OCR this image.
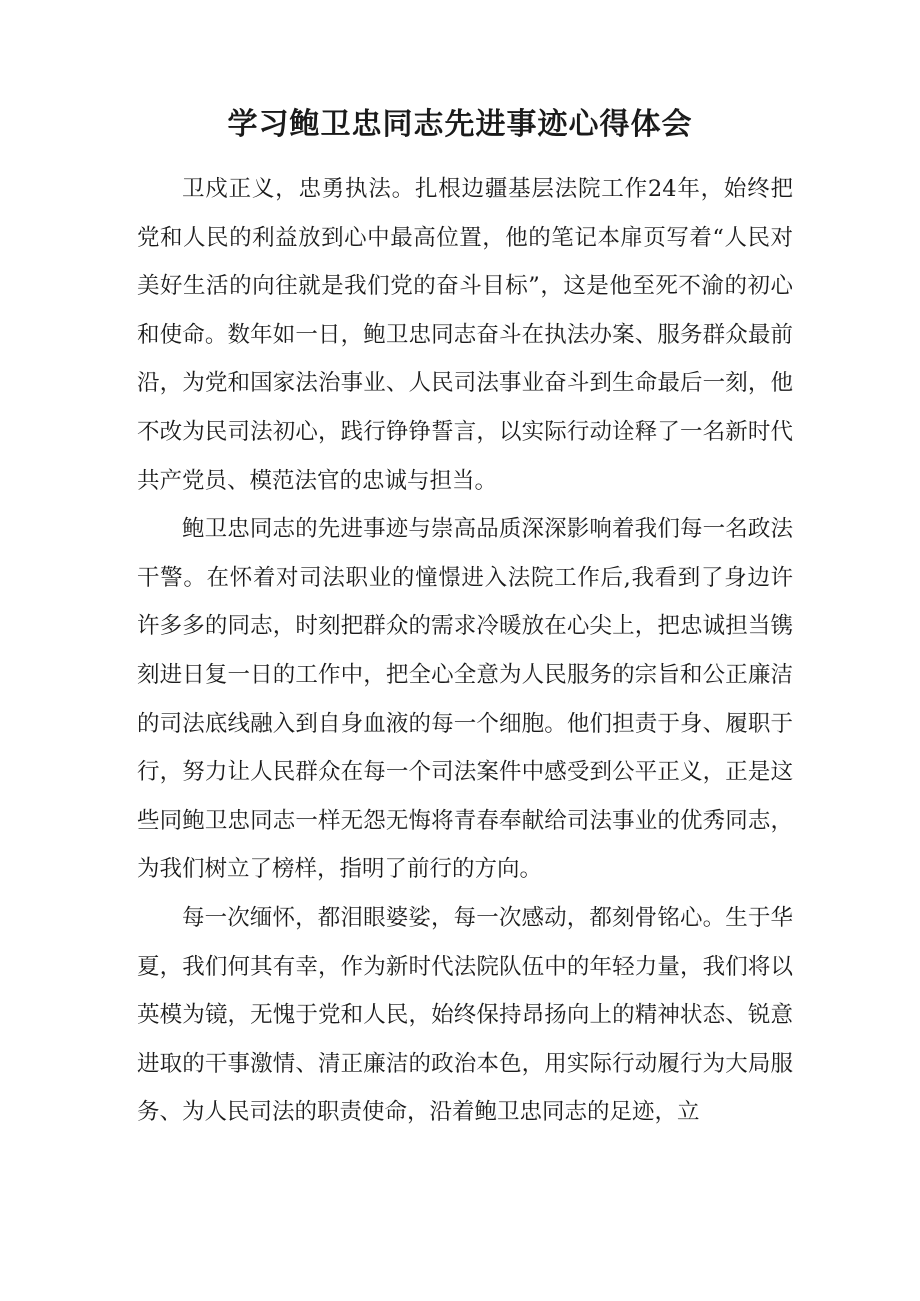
学习鲍卫忠同志先进事迹心得体会

卫戍正义，忠勇执法。扎根边疆基层法院工作24年，始终把党和人民的利益放到心中最高位置，他的笔记本扉页写着“人民对美好生活的向往就是我们党的奋斗目标”，这是他至死不渝的初心和使命。数年如一日，鲍卫忠同志奋斗在执法办案、服务群众最前沿，为党和国家法治事业、人民司法事业奋斗到生命最后一刻，他不改为民司法初心，践行铮铮誓言，以实际行动诠释了一名新时代共产党员、模范法官的忠诚与担当。

鲍卫忠同志的先进事迹与崇高品质深深影响着我们每一名政法干警。在怀着对司法职业的憧憬进入法院工作后,我看到了身边许许多多的同志，时刻把群众的需求冷暖放在心尖上，把忠诚担当镌刻进日复一日的工作中，把全心全意为人民服务的宗旨和公正廉洁的司法底线融入到自身血液的每一个细胞。他们担责于身、履职于行，努力让人民群众在每一个司法案件中感受到公平正义，正是这些同鲍卫忠同志一样无怨无悔将青春奉献给司法事业的优秀同志，为我们树立了榜样，指明了前行的方向。

每一次缅怀，都泪眼婆娑，每一次感动，都刻骨铭心。生于华夏，我们何其有幸，作为新时代法院队伍中的年轻力量，我们将以英模为镜，无愧于党和人民，始终保持昂扬向上的精神状态、锐意进取的干事激情、清正廉洁的政治本色，用实际行动履行为大局服务、为人民司法的职责使命，沿着鲍卫忠同志的足迹，立
